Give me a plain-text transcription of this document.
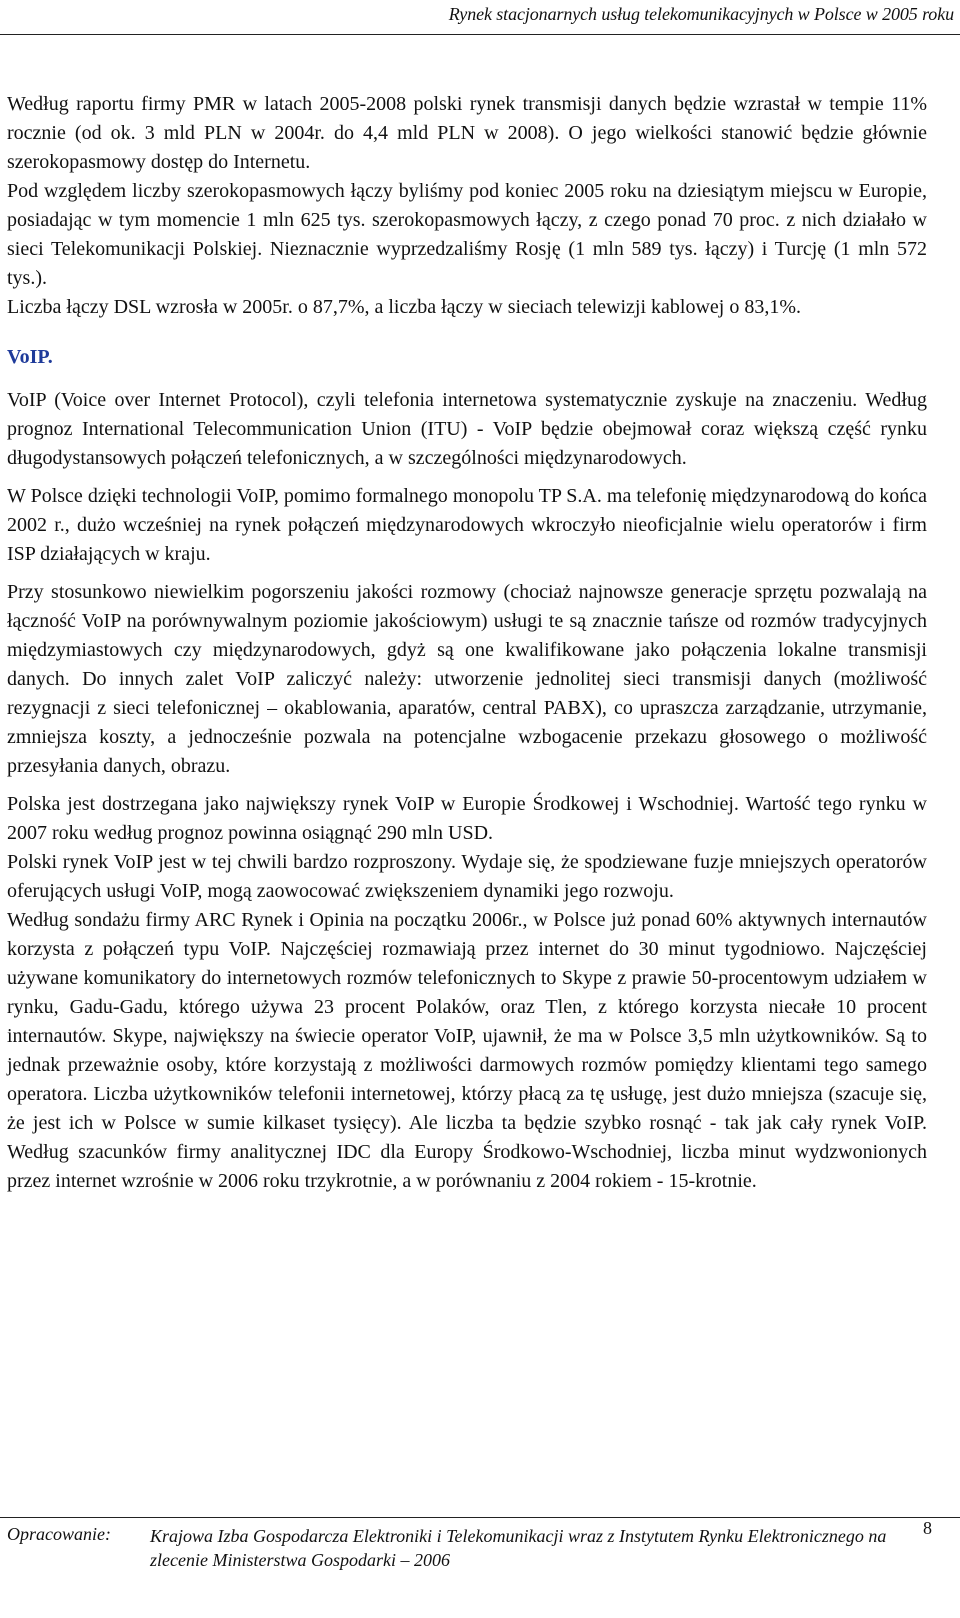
Rynek stacjonarnych usług telekomunikacyjnych w Polsce w 2005 roku

Według raportu firmy PMR w latach 2005-2008 polski rynek transmisji danych będzie wzrastał w tempie 11% rocznie (od ok. 3 mld PLN w 2004r. do 4,4 mld PLN w 2008). O jego wielkości stanowić będzie głównie szerokopasmowy dostęp do Internetu.

Pod względem liczby szerokopasmowych łączy byliśmy pod koniec 2005 roku na dziesiątym miejscu w Europie, posiadając w tym momencie 1 mln 625 tys. szerokopasmowych łączy, z czego ponad 70 proc. z nich działało w sieci Telekomunikacji Polskiej. Nieznacznie wyprzedzaliśmy Rosję (1 mln 589 tys. łączy) i Turcję (1 mln 572 tys.).

Liczba łączy DSL wzrosła w 2005r. o 87,7%, a liczba łączy w sieciach telewizji kablowej o 83,1%.

VoIP.

VoIP (Voice over Internet Protocol), czyli telefonia internetowa systematycznie zyskuje na znaczeniu. Według prognoz International Telecommunication Union (ITU) - VoIP będzie obejmował coraz większą część rynku długodystansowych połączeń telefonicznych, a w szczególności międzynarodowych.

W Polsce dzięki technologii VoIP, pomimo formalnego monopolu TP S.A. ma telefonię międzynarodową do końca 2002 r., dużo wcześniej na rynek połączeń międzynarodowych wkroczyło nieoficjalnie wielu operatorów i firm ISP działających w kraju.

Przy stosunkowo niewielkim pogorszeniu jakości rozmowy (chociaż najnowsze generacje sprzętu pozwalają na łączność VoIP na porównywalnym poziomie jakościowym) usługi te są znacznie tańsze od rozmów tradycyjnych międzymiastowych czy międzynarodowych, gdyż są one kwalifikowane jako połączenia lokalne transmisji danych. Do innych zalet VoIP zaliczyć należy: utworzenie jednolitej sieci transmisji danych (możliwość rezygnacji z sieci telefonicznej – okablowania, aparatów, central PABX), co upraszcza zarządzanie, utrzymanie, zmniejsza koszty, a jednocześnie pozwala na potencjalne wzbogacenie przekazu głosowego o możliwość przesyłania danych, obrazu.

Polska jest dostrzegana jako największy rynek VoIP w Europie Środkowej i Wschodniej. Wartość tego rynku w 2007 roku według prognoz powinna osiągnąć 290 mln USD.

Polski rynek VoIP jest w tej chwili bardzo rozproszony. Wydaje się, że spodziewane fuzje mniejszych operatorów oferujących usługi VoIP, mogą zaowocować zwiększeniem dynamiki jego rozwoju.

Według sondażu firmy ARC Rynek i Opinia na początku 2006r., w Polsce już ponad 60% aktywnych internautów korzysta z połączeń typu VoIP. Najczęściej rozmawiają przez internet do 30 minut tygodniowo. Najczęściej używane komunikatory do internetowych rozmów telefonicznych to Skype z prawie 50-procentowym udziałem w rynku, Gadu-Gadu, którego używa 23 procent Polaków, oraz Tlen, z którego korzysta niecałe 10 procent internautów. Skype, największy na świecie operator VoIP, ujawnił, że ma w Polsce 3,5 mln użytkowników. Są to jednak przeważnie osoby, które korzystają z możliwości darmowych rozmów pomiędzy klientami tego samego operatora. Liczba użytkowników telefonii internetowej, którzy płacą za tę usługę, jest dużo mniejsza (szacuje się, że jest ich w Polsce w sumie kilkaset tysięcy). Ale liczba ta będzie szybko rosnąć - tak jak cały rynek VoIP. Według szacunków firmy analitycznej IDC dla Europy Środkowo-Wschodniej, liczba minut wydzwonionych przez internet wzrośnie w 2006 roku trzykrotnie, a w porównaniu z 2004 rokiem - 15-krotnie.

Opracowanie: Krajowa Izba Gospodarcza Elektroniki i Telekomunikacji wraz z Instytutem Rynku Elektronicznego na zlecenie Ministerstwa Gospodarki – 2006
8
